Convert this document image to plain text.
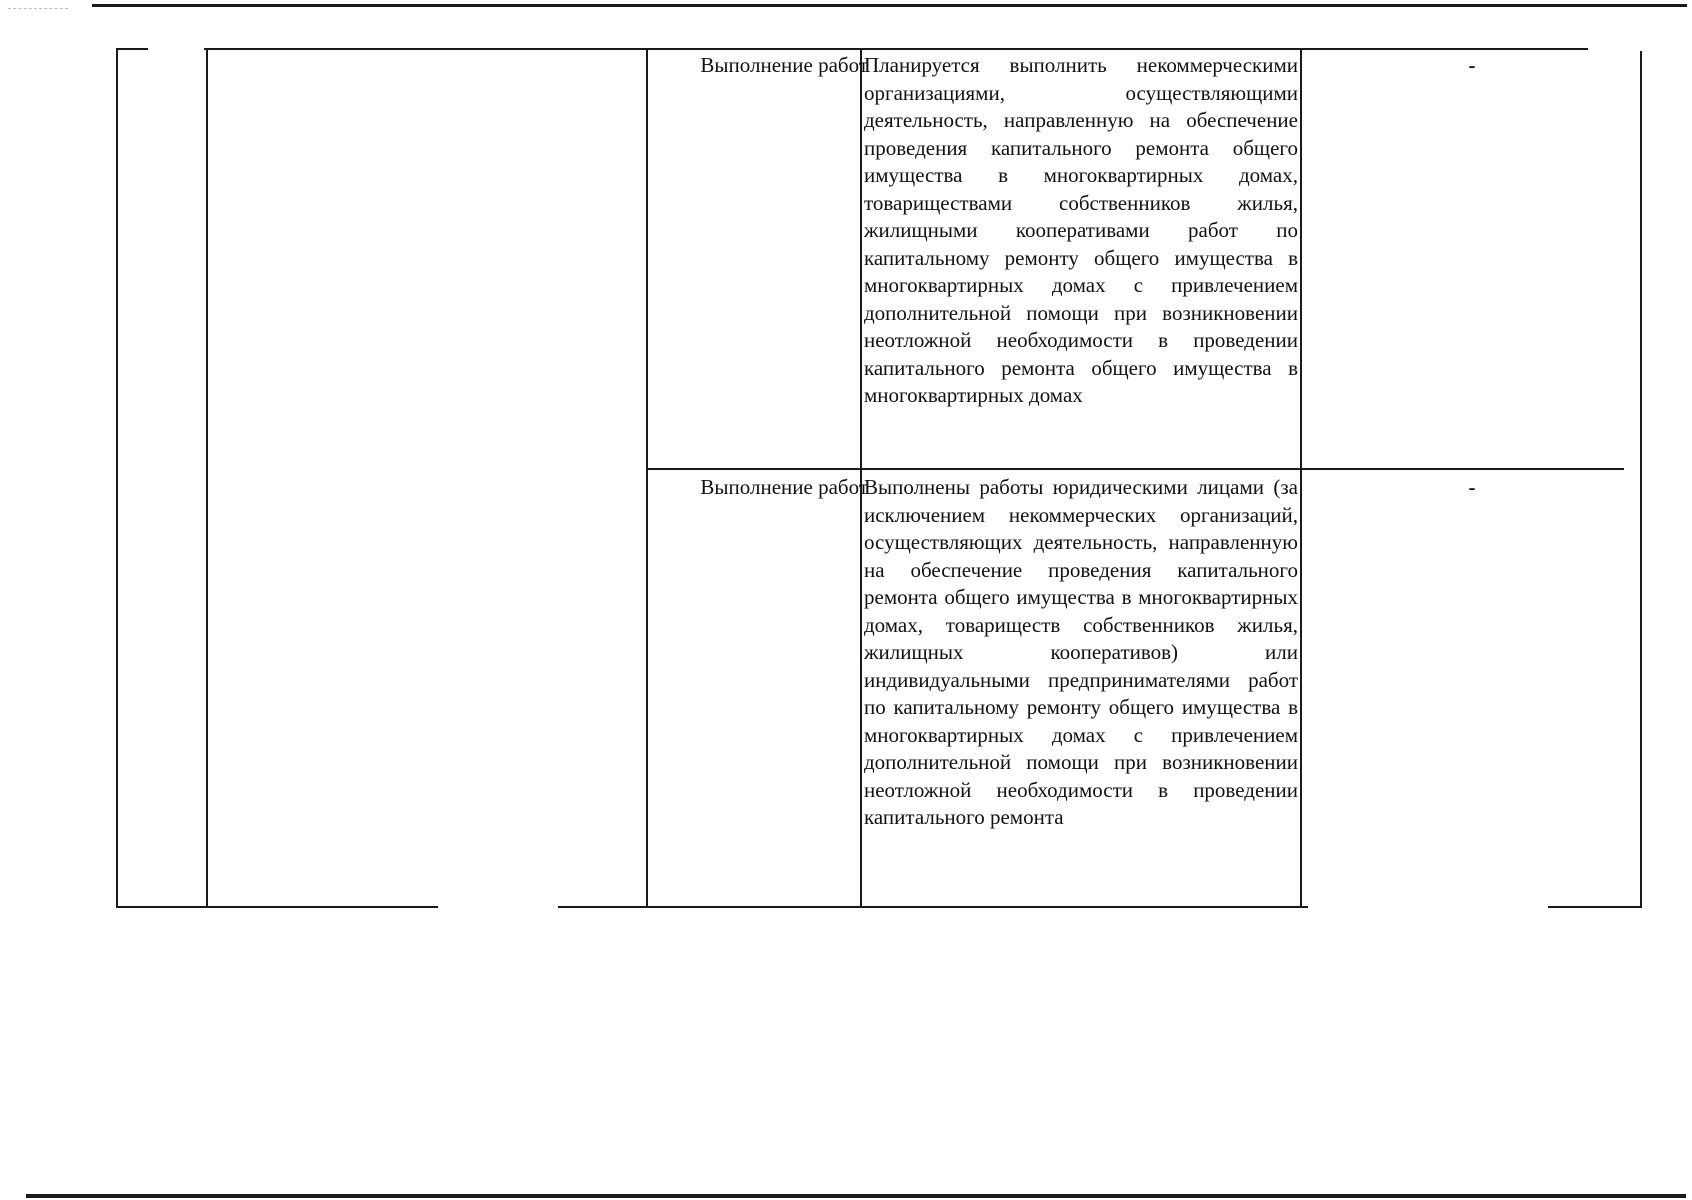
Выполнение работ
Планируется выполнить некоммерческими организациями, осуществляющими деятельность, направленную на обеспечение проведения капитального ремонта общего имущества в многоквартирных домах, товариществами собственников жилья, жилищными кооперативами работ по капитальному ремонту общего имущества в многоквартирных домах с привлечением дополнительной помощи при возникновении неотложной необходимости в проведении капитального ремонта общего имущества в многоквартирных домах
-
Выполнение работ
Выполнены работы юридическими лицами (за исключением некоммерческих организаций, осуществляющих деятельность, направленную на обеспечение проведения капитального ремонта общего имущества в многоквартирных домах, товариществ собственников жилья, жилищных кооперативов) или индивидуальными предпринимателями работ по капитальному ремонту общего имущества в многоквартирных домах с привлечением дополнительной помощи при возникновении неотложной необходимости в проведении капитального ремонта
-
